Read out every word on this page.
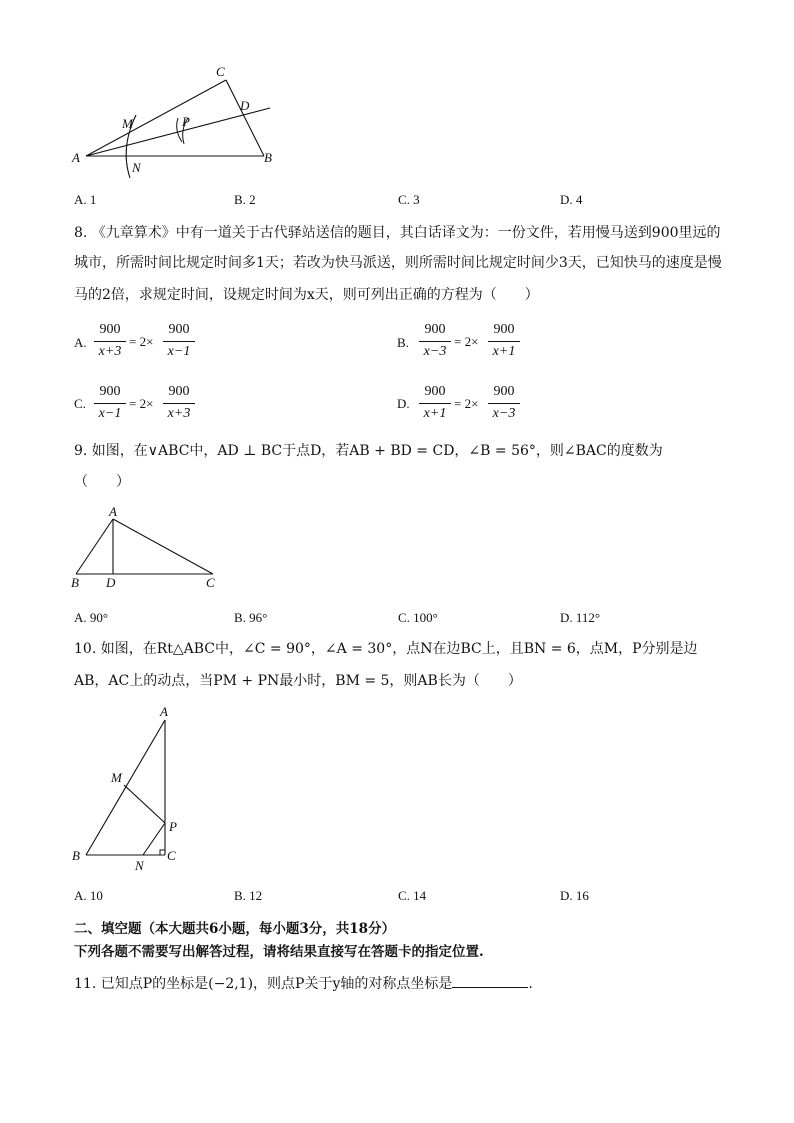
C
D
M	P
A
N
B
A. 1	B. 2	C. 3	D. 4
8. 《九章算术》中有一道关于古代驿站送信的题目，其白话译文为：一份文件，若用慢马送到900里远的
城市，所需时间比规定时间多1天；若改为快马派送，则所需时间比规定时间少3天，已知快马的速度是慢
马的2倍，求规定时间，设规定时间为x天，则可列出正确的方程为（　　）
A.
900
x+3
= 2×
900
x−1
B.
900
x−3
= 2×
900
x+1
C.
900
x−1
= 2×
900
x+3
D.
900
x+1
= 2×
900
x−3
9. 如图，在∨ABC中，AD ⊥ BC于点D，若AB + BD = CD，∠B = 56°，则∠BAC的度数为
（　　）
A
B D	C
A. 90°	B. 96°	C. 100°	D. 112°
10. 如图，在Rt△ABC中，∠C = 90°，∠A = 30°，点N在边BC上，且BN = 6，点M，P分别是边
AB，AC上的动点，当PM + PN最小时，BM = 5，则AB长为（　　）
A
M
P
B
N
C
A. 10	B. 12	C. 14	D. 16
二、填空题（本大题共6小题，每小题3分，共18分）
下列各题不需要写出解答过程，请将结果直接写在答题卡的指定位置.
11. 已知点P的坐标是(−2,1)，则点P关于y轴的对称点坐标是	.
